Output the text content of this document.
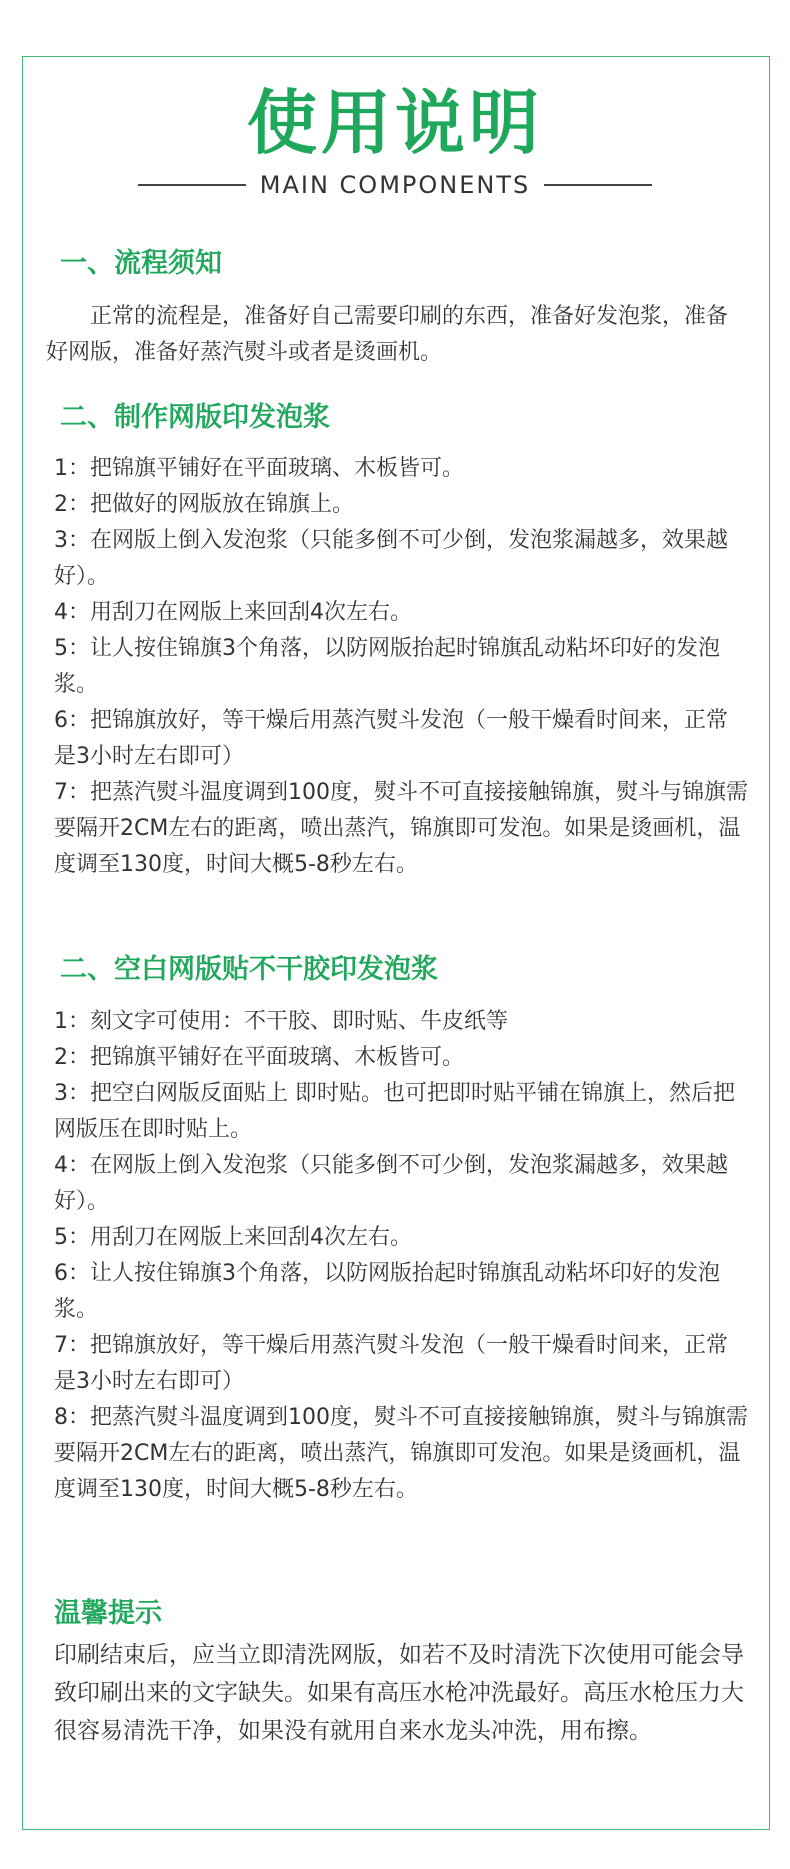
使用说明
MAIN COMPONENTS
一、流程须知
正常的流程是，准备好自己需要印刷的东西，准备好发泡浆，准备好网版，准备好蒸汽熨斗或者是烫画机。
二、制作网版印发泡浆
1：把锦旗平铺好在平面玻璃、木板皆可。
2：把做好的网版放在锦旗上。
3：在网版上倒入发泡浆（只能多倒不可少倒，发泡浆漏越多，效果越好）。
4：用刮刀在网版上来回刮4次左右。
5：让人按住锦旗3个角落，以防网版抬起时锦旗乱动粘坏印好的发泡浆。
6：把锦旗放好，等干燥后用蒸汽熨斗发泡（一般干燥看时间来，正常是3小时左右即可）
7：把蒸汽熨斗温度调到100度，熨斗不可直接接触锦旗，熨斗与锦旗需要隔开2CM左右的距离，喷出蒸汽，锦旗即可发泡。如果是烫画机，温度调至130度，时间大概5-8秒左右。
二、空白网版贴不干胶印发泡浆
1：刻文字可使用：不干胶、即时贴、牛皮纸等
2：把锦旗平铺好在平面玻璃、木板皆可。
3：把空白网版反面贴上 即时贴。也可把即时贴平铺在锦旗上，然后把网版压在即时贴上。
4：在网版上倒入发泡浆（只能多倒不可少倒，发泡浆漏越多，效果越好）。
5：用刮刀在网版上来回刮4次左右。
6：让人按住锦旗3个角落，以防网版抬起时锦旗乱动粘坏印好的发泡浆。
7：把锦旗放好，等干燥后用蒸汽熨斗发泡（一般干燥看时间来，正常是3小时左右即可）
8：把蒸汽熨斗温度调到100度，熨斗不可直接接触锦旗，熨斗与锦旗需要隔开2CM左右的距离，喷出蒸汽，锦旗即可发泡。如果是烫画机，温度调至130度，时间大概5-8秒左右。
温馨提示
印刷结束后，应当立即清洗网版，如若不及时清洗下次使用可能会导致印刷出来的文字缺失。如果有高压水枪冲洗最好。高压水枪压力大 很容易清洗干净，如果没有就用自来水龙头冲洗，用布擦。
